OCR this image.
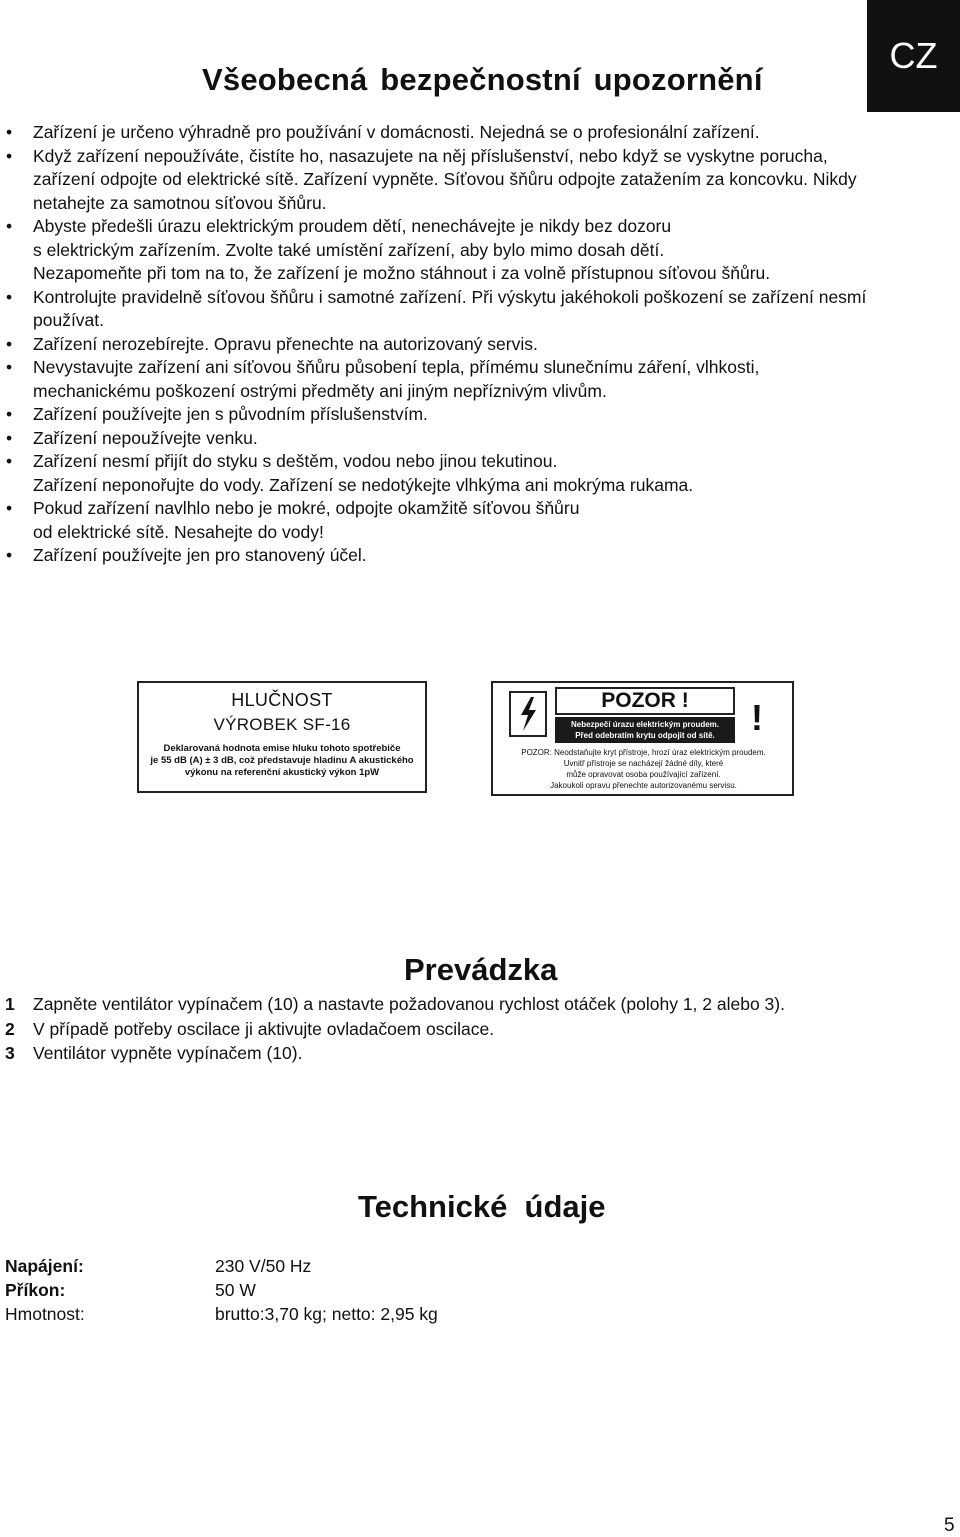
CZ
Všeobecná bezpečnostní upozornění
• Zařízení je určeno výhradně pro používání v domácnosti. Nejedná se o profesionální zařízení.
• Když zařízení nepoužíváte, čistíte ho, nasazujete na něj příslušenství, nebo když se vyskytne porucha,
zařízení odpojte od elektrické sítě. Zařízení vypněte. Síťovou šňůru odpojte zatažením za koncovku. Nikdy
netahejte za samotnou síťovou šňůru.
• Abyste předešli úrazu elektrickým proudem dětí, nenechávejte je nikdy bez dozoru
s elektrickým zařízením. Zvolte také umístění zařízení, aby bylo mimo dosah dětí.
Nezapomeňte při tom na to, že zařízení je možno stáhnout i za volně přístupnou síťovou šňůru.
• Kontrolujte pravidelně síťovou šňůru i samotné zařízení. Při výskytu jakéhokoli poškození se zařízení nesmí
používat.
• Zařízení nerozebírejte. Opravu přenechte na autorizovaný servis.
• Nevystavujte zařízení ani síťovou šňůru působení tepla, přímému slunečnímu záření, vlhkosti,
mechanickému poškození ostrými předměty ani jiným nepříznivým vlivům.
• Zařízení používejte jen s původním příslušenstvím.
• Zařízení nepoužívejte venku.
• Zařízení nesmí přijít do styku s deštěm, vodou nebo jinou tekutinou.
Zařízení neponořujte do vody. Zařízení se nedotýkejte vlhkýma ani mokrýma rukama.
• Pokud zařízení navlhlo nebo je mokré, odpojte okamžitě síťovou šňůru
od elektrické sítě. Nesahejte do vody!
• Zařízení používejte jen pro stanovený účel.
HLUČNOST
VÝROBEK SF-16
Deklarovaná hodnota emise hluku tohoto spotřebiče
je 55 dB (A) ± 3 dB, což představuje hladinu A akustického
výkonu na referenční akustický výkon 1pW
POZOR !
Nebezpečí úrazu elektrickým proudem.
Před odebratím krytu odpojit od sítě.	!
POZOR: Neodstaňujte kryt přístroje, hrozí úraz elektrickým proudem.
Uvnitř přístroje se nacházejí žádné díly, které
může opravovat osoba používající zařízení.
Jakoukoli opravu přenechte autorizovanému servisu.
Prevádzka
1 Zapněte ventilátor vypínačem (10) a nastavte požadovanou rychlost otáček (polohy 1, 2 alebo 3).
2 V případě potřeby oscilace ji aktivujte ovladačoem oscilace.
3 Ventilátor vypněte vypínačem (10).
Technické  údaje
Napájení:	230 V/50 Hz
Příkon:	50 W
Hmotnost:	brutto:3,70 kg; netto: 2,95 kg
5
